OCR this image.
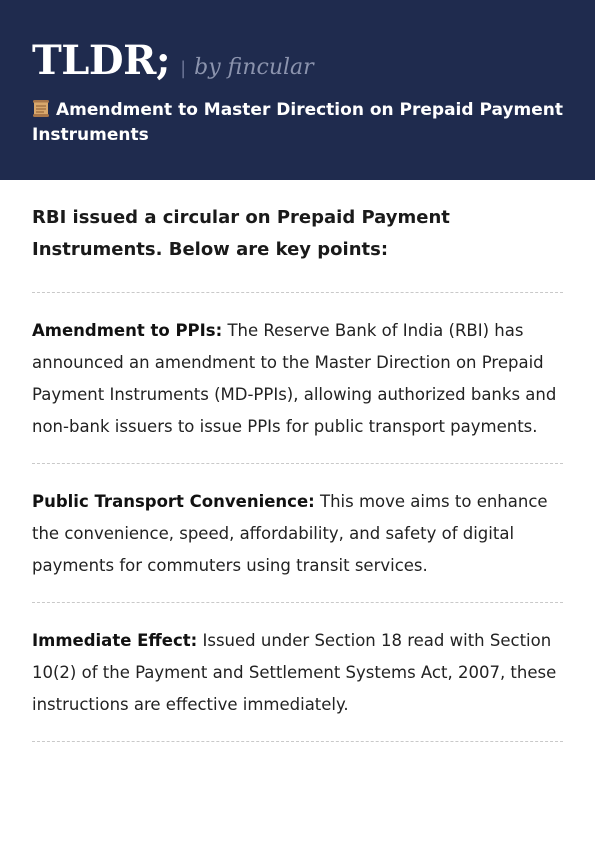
TLDR; | by fincular
Amendment to Master Direction on Prepaid Payment Instruments
RBI issued a circular on Prepaid Payment Instruments. Below are key points:
Amendment to PPIs: The Reserve Bank of India (RBI) has announced an amendment to the Master Direction on Prepaid Payment Instruments (MD-PPIs), allowing authorized banks and non-bank issuers to issue PPIs for public transport payments.
Public Transport Convenience: This move aims to enhance the convenience, speed, affordability, and safety of digital payments for commuters using transit services.
Immediate Effect: Issued under Section 18 read with Section 10(2) of the Payment and Settlement Systems Act, 2007, these instructions are effective immediately.
